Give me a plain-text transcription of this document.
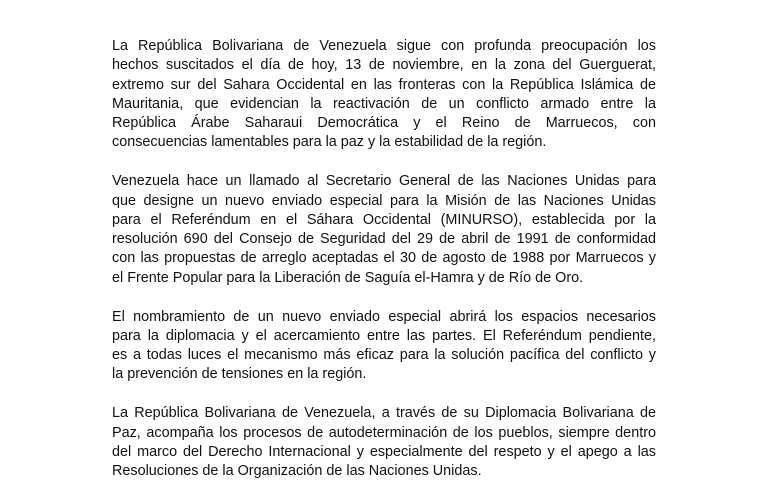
La República Bolivariana de Venezuela sigue con profunda preocupación los
hechos suscitados el día de hoy, 13 de noviembre, en la zona del Guerguerat,
extremo sur del Sahara Occidental en las fronteras con la República Islámica de
Mauritania, que evidencian la reactivación de un conflicto armado entre la
República Árabe Saharaui Democrática y el Reino de Marruecos, con
consecuencias lamentables para la paz y la estabilidad de la región.

Venezuela hace un llamado al Secretario General de las Naciones Unidas para
que designe un nuevo enviado especial para la Misión de las Naciones Unidas
para el Referéndum en el Sáhara Occidental (MINURSO), establecida por la
resolución 690 del Consejo de Seguridad del 29 de abril de 1991 de conformidad
con las propuestas de arreglo aceptadas el 30 de agosto de 1988 por Marruecos y
el Frente Popular para la Liberación de Saguía el-Hamra y de Río de Oro.

El nombramiento de un nuevo enviado especial abrirá los espacios necesarios
para la diplomacia y el acercamiento entre las partes. El Referéndum pendiente,
es a todas luces el mecanismo más eficaz para la solución pacífica del conflicto y
la prevención de tensiones en la región.

La República Bolivariana de Venezuela, a través de su Diplomacia Bolivariana de
Paz, acompaña los procesos de autodeterminación de los pueblos, siempre dentro
del marco del Derecho Internacional y especialmente del respeto y el apego a las
Resoluciones de la Organización de las Naciones Unidas.
